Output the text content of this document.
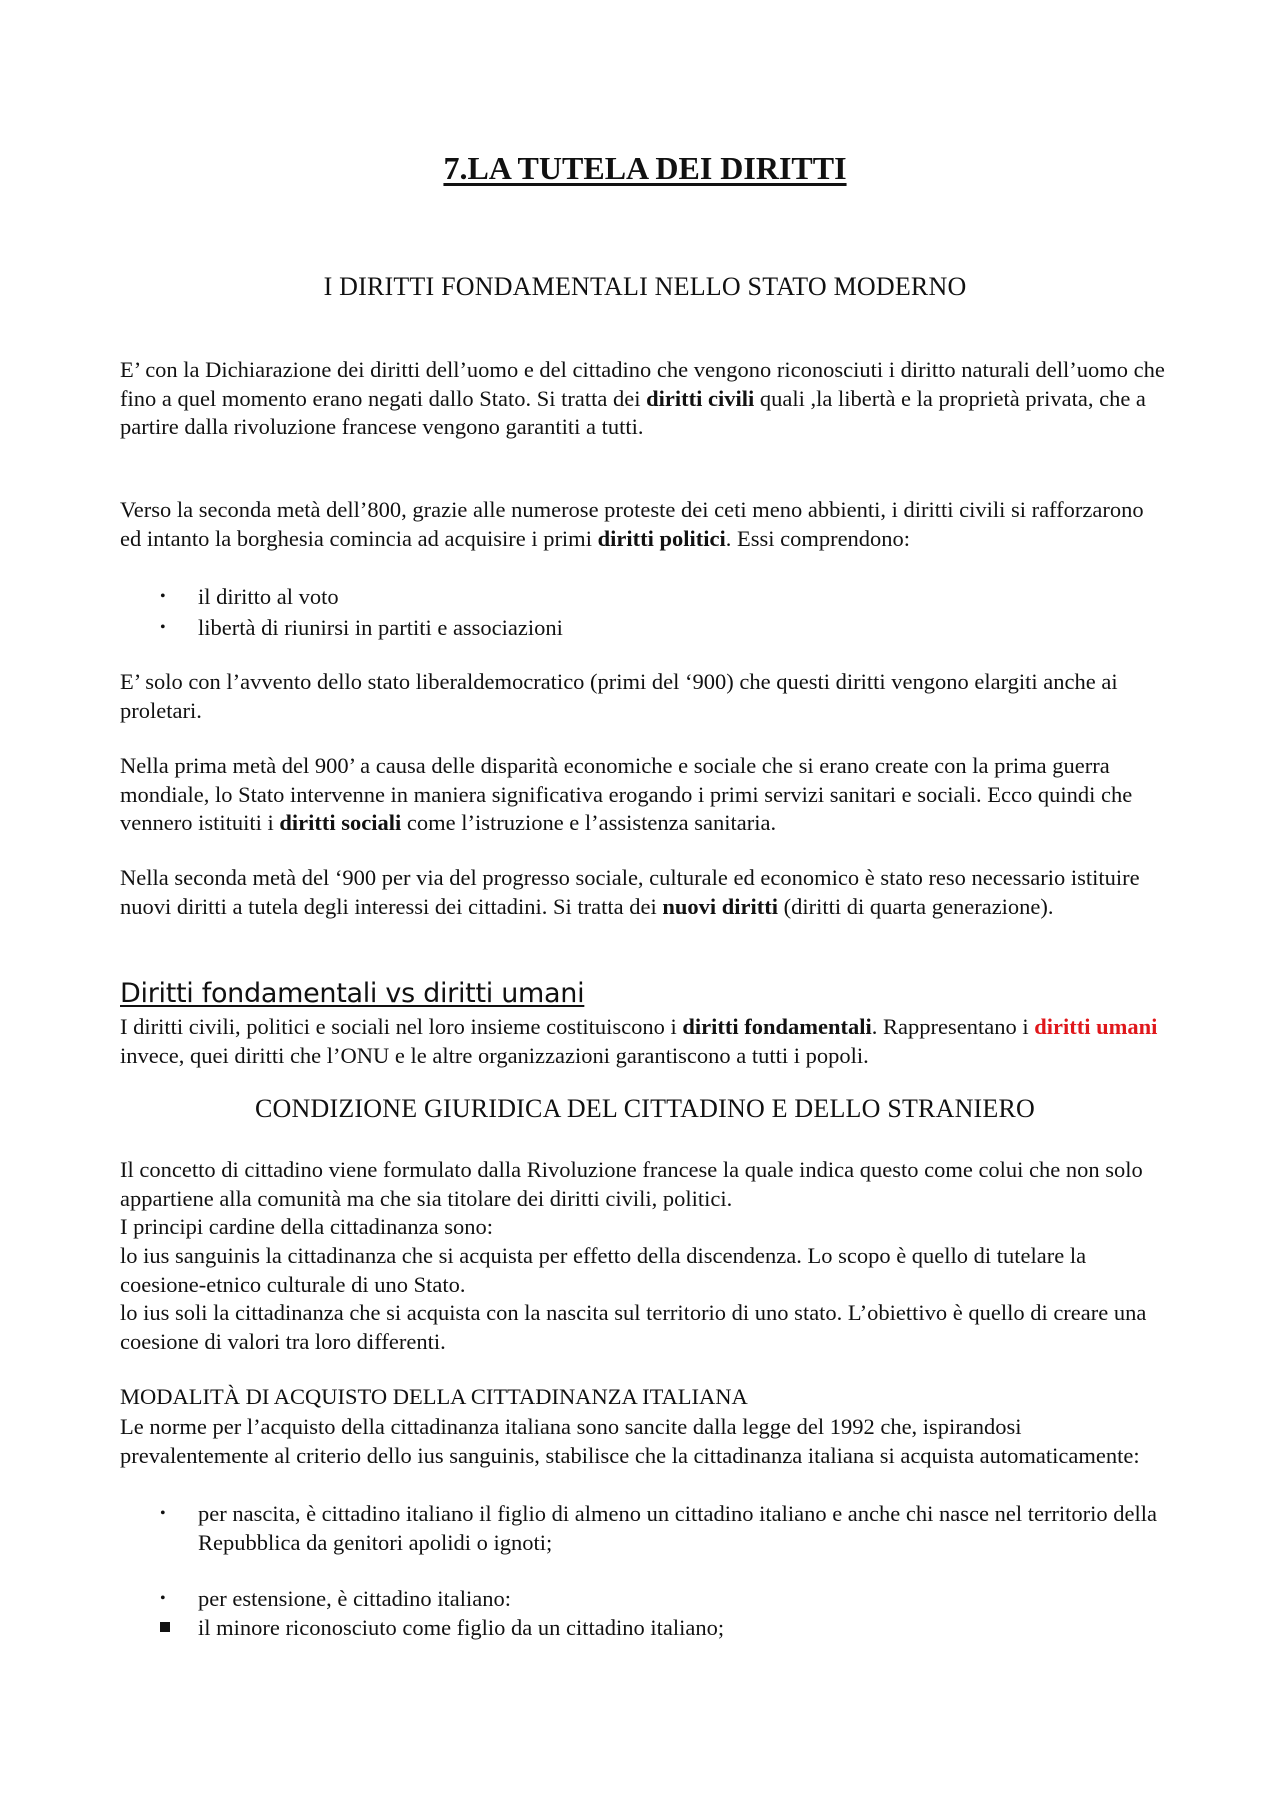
7.LA TUTELA DEI DIRITTI
I DIRITTI FONDAMENTALI NELLO STATO MODERNO

E’ con la Dichiarazione dei diritti dell’uomo e del cittadino che vengono riconosciuti i diritto naturali dell’uomo che fino a quel momento erano negati dallo Stato. Si tratta dei diritti civili quali ,la libertà e la proprietà privata, che a partire dalla rivoluzione francese vengono garantiti a tutti.

Verso la seconda metà dell’800, grazie alle numerose proteste dei ceti meno abbienti, i diritti civili si rafforzarono ed intanto la borghesia comincia ad acquisire i primi diritti politici. Essi comprendono:

• il diritto al voto
• libertà di riunirsi in partiti e associazioni

E’ solo con l’avvento dello stato liberaldemocratico (primi del ‘900) che questi diritti vengono elargiti anche ai proletari.

Nella prima metà del 900’ a causa delle disparità economiche e sociale che si erano create con la prima guerra mondiale, lo Stato intervenne in maniera significativa erogando i primi servizi sanitari e sociali. Ecco quindi che vennero istituiti i diritti sociali come l’istruzione e l’assistenza sanitaria.

Nella seconda metà del ‘900 per via del progresso sociale, culturale ed economico è stato reso necessario istituire nuovi diritti a tutela degli interessi dei cittadini. Si tratta dei nuovi diritti (diritti di quarta generazione).

Diritti fondamentali vs diritti umani

I diritti civili, politici e sociali nel loro insieme costituiscono i diritti fondamentali. Rappresentano i diritti umani invece, quei diritti che l’ONU e le altre organizzazioni garantiscono a tutti i popoli.

CONDIZIONE GIURIDICA DEL CITTADINO E DELLO STRANIERO

Il concetto di cittadino viene formulato dalla Rivoluzione francese la quale indica questo come colui che non solo appartiene alla comunità ma che sia titolare dei diritti civili, politici.

I principi cardine della cittadinanza sono:

lo ius sanguinis la cittadinanza che si acquista per effetto della discendenza. Lo scopo è quello di tutelare la coesione-etnico culturale di uno Stato.

lo ius soli la cittadinanza che si acquista con la nascita sul territorio di uno stato. L’obiettivo è quello di creare una coesione di valori tra loro differenti.

MODALITÀ DI ACQUISTO DELLA CITTADINANZA ITALIANA

Le norme per l’acquisto della cittadinanza italiana sono sancite dalla legge del 1992 che, ispirandosi prevalentemente al criterio dello ius sanguinis, stabilisce che la cittadinanza italiana si acquista automaticamente:

• per nascita, è cittadino italiano il figlio di almeno un cittadino italiano e anche chi nasce nel territorio della Repubblica da genitori apolidi o ignoti;
• per estensione, è cittadino italiano:
il minore riconosciuto come figlio da un cittadino italiano;
